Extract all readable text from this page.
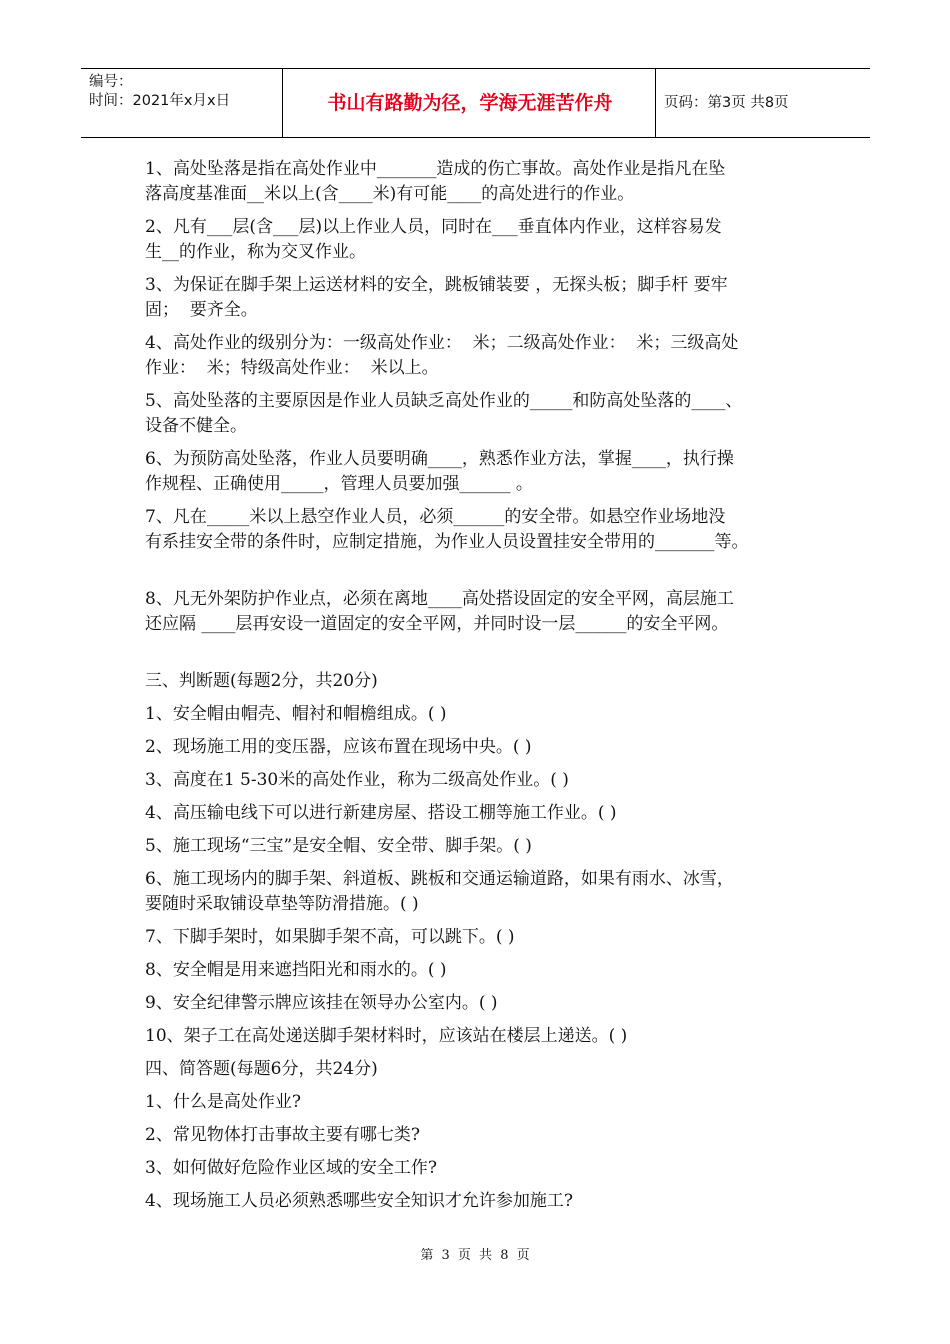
编号：
时间：2021年x月x日	书山有路勤为径，学海无涯苦作舟	页码：第3页 共8页

1、高处坠落是指在高处作业中_______造成的伤亡事故。高处作业是指凡在坠

落高度基准面__米以上(含____米)有可能____的高处进行的作业。

2、凡有___层(含___层)以上作业人员，同时在___垂直体内作业，这样容易发

生__的作业，称为交叉作业。

3、为保证在脚手架上运送材料的安全，跳板铺装要 ，无探头板；脚手杆 要牢

固；  要齐全。

4、高处作业的级别分为：一级高处作业：  米；二级高处作业：  米；三级高处

作业：  米；特级高处作业：  米以上。

5、高处坠落的主要原因是作业人员缺乏高处作业的_____和防高处坠落的____、

设备不健全。

6、为预防高处坠落，作业人员要明确____，熟悉作业方法，掌握____，执行操

作规程、正确使用_____，管理人员要加强______ 。

7、凡在_____米以上悬空作业人员，必须______的安全带。如悬空作业场地没

有系挂安全带的条件时，应制定措施，为作业人员设置挂安全带用的_______等。

8、凡无外架防护作业点，必须在离地____高处搭设固定的安全平网，高层施工

还应隔 ____层再安设一道固定的安全平网，并同时设一层______的安全平网。

三、判断题(每题2分，共20分)

1、安全帽由帽壳、帽衬和帽檐组成。( )

2、现场施工用的变压器，应该布置在现场中央。( )

3、高度在1 5-30米的高处作业，称为二级高处作业。( )

4、高压输电线下可以进行新建房屋、搭设工棚等施工作业。( )

5、施工现场“三宝”是安全帽、安全带、脚手架。( )

6、施工现场内的脚手架、斜道板、跳板和交通运输道路，如果有雨水、冰雪，

要随时采取铺设草垫等防滑措施。( )

7、下脚手架时，如果脚手架不高，可以跳下。( )

8、安全帽是用来遮挡阳光和雨水的。( )

9、安全纪律警示牌应该挂在领导办公室内。( )

10、架子工在高处递送脚手架材料时，应该站在楼层上递送。( )

四、简答题(每题6分，共24分)

1、什么是高处作业?

2、常见物体打击事故主要有哪七类?

3、如何做好危险作业区域的安全工作?

4、现场施工人员必须熟悉哪些安全知识才允许参加施工?

第 3 页 共 8 页
